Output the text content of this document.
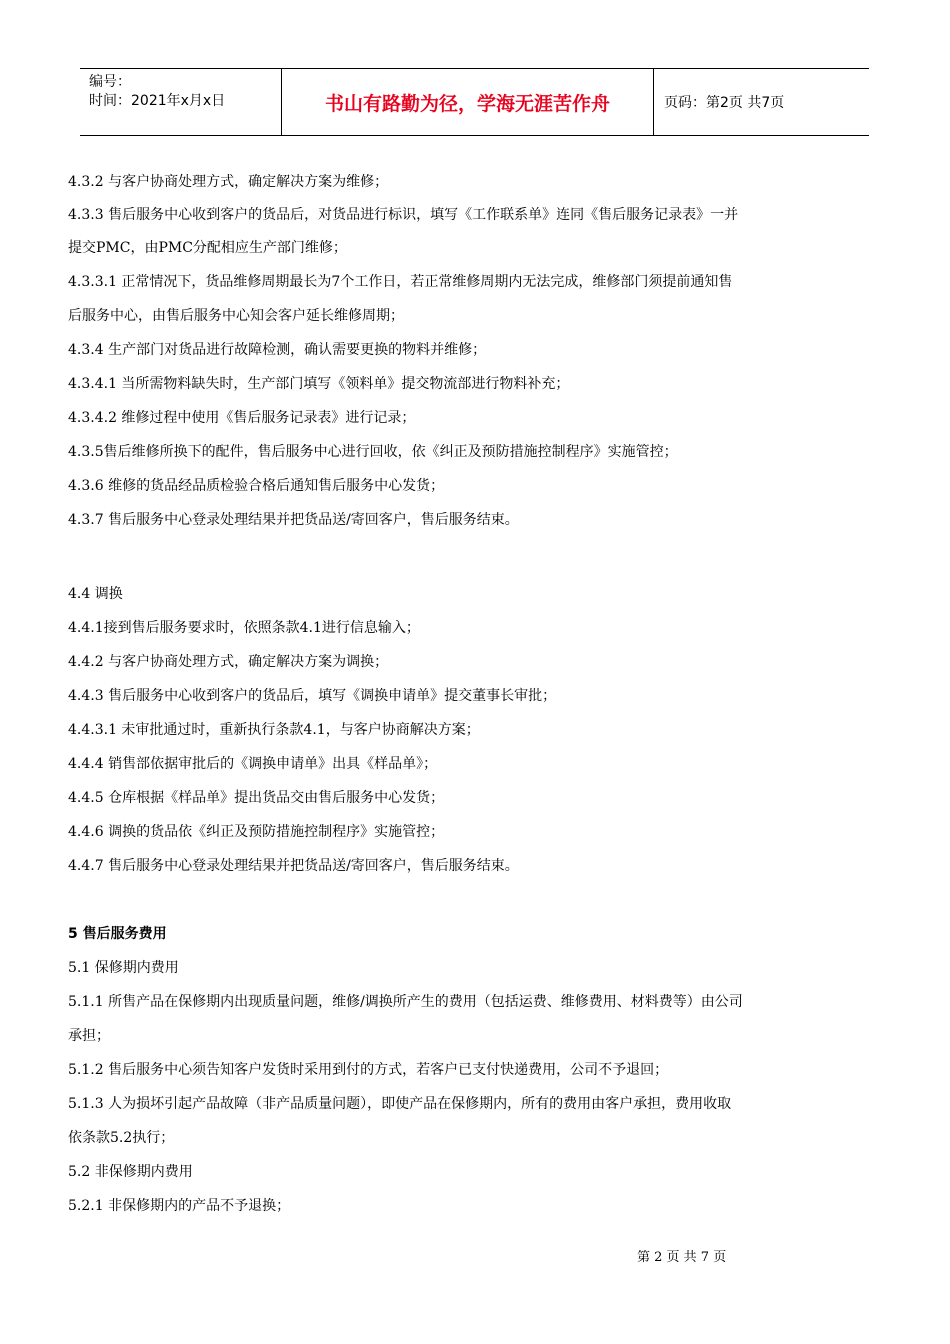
编号：
时间：2021年x月x日	书山有路勤为径，学海无涯苦作舟	页码：第2页 共7页
4.3.2 与客户协商处理方式，确定解决方案为维修；
4.3.3 售后服务中心收到客户的货品后，对货品进行标识，填写《工作联系单》连同《售后服务记录表》一并
提交PMC，由PMC分配相应生产部门维修；
4.3.3.1 正常情况下，货品维修周期最长为7个工作日，若正常维修周期内无法完成，维修部门须提前通知售
后服务中心，由售后服务中心知会客户延长维修周期；
4.3.4 生产部门对货品进行故障检测，确认需要更换的物料并维修；
4.3.4.1 当所需物料缺失时，生产部门填写《领料单》提交物流部进行物料补充；
4.3.4.2 维修过程中使用《售后服务记录表》进行记录；
4.3.5售后维修所换下的配件，售后服务中心进行回收，依《纠正及预防措施控制程序》实施管控；
4.3.6 维修的货品经品质检验合格后通知售后服务中心发货；
4.3.7 售后服务中心登录处理结果并把货品送/寄回客户，售后服务结束。
4.4 调换
4.4.1接到售后服务要求时，依照条款4.1进行信息输入；
4.4.2 与客户协商处理方式，确定解决方案为调换；
4.4.3 售后服务中心收到客户的货品后，填写《调换申请单》提交董事长审批；
4.4.3.1 未审批通过时，重新执行条款4.1，与客户协商解决方案；
4.4.4 销售部依据审批后的《调换申请单》出具《样品单》；
4.4.5 仓库根据《样品单》提出货品交由售后服务中心发货；
4.4.6 调换的货品依《纠正及预防措施控制程序》实施管控；
4.4.7 售后服务中心登录处理结果并把货品送/寄回客户，售后服务结束。
5 售后服务费用
5.1 保修期内费用
5.1.1 所售产品在保修期内出现质量问题，维修/调换所产生的费用（包括运费、维修费用、材料费等）由公司
承担；
5.1.2 售后服务中心须告知客户发货时采用到付的方式，若客户已支付快递费用，公司不予退回；
5.1.3 人为损坏引起产品故障（非产品质量问题），即使产品在保修期内，所有的费用由客户承担，费用收取
依条款5.2执行；
5.2 非保修期内费用
5.2.1 非保修期内的产品不予退换；
第 2 页 共 7 页
